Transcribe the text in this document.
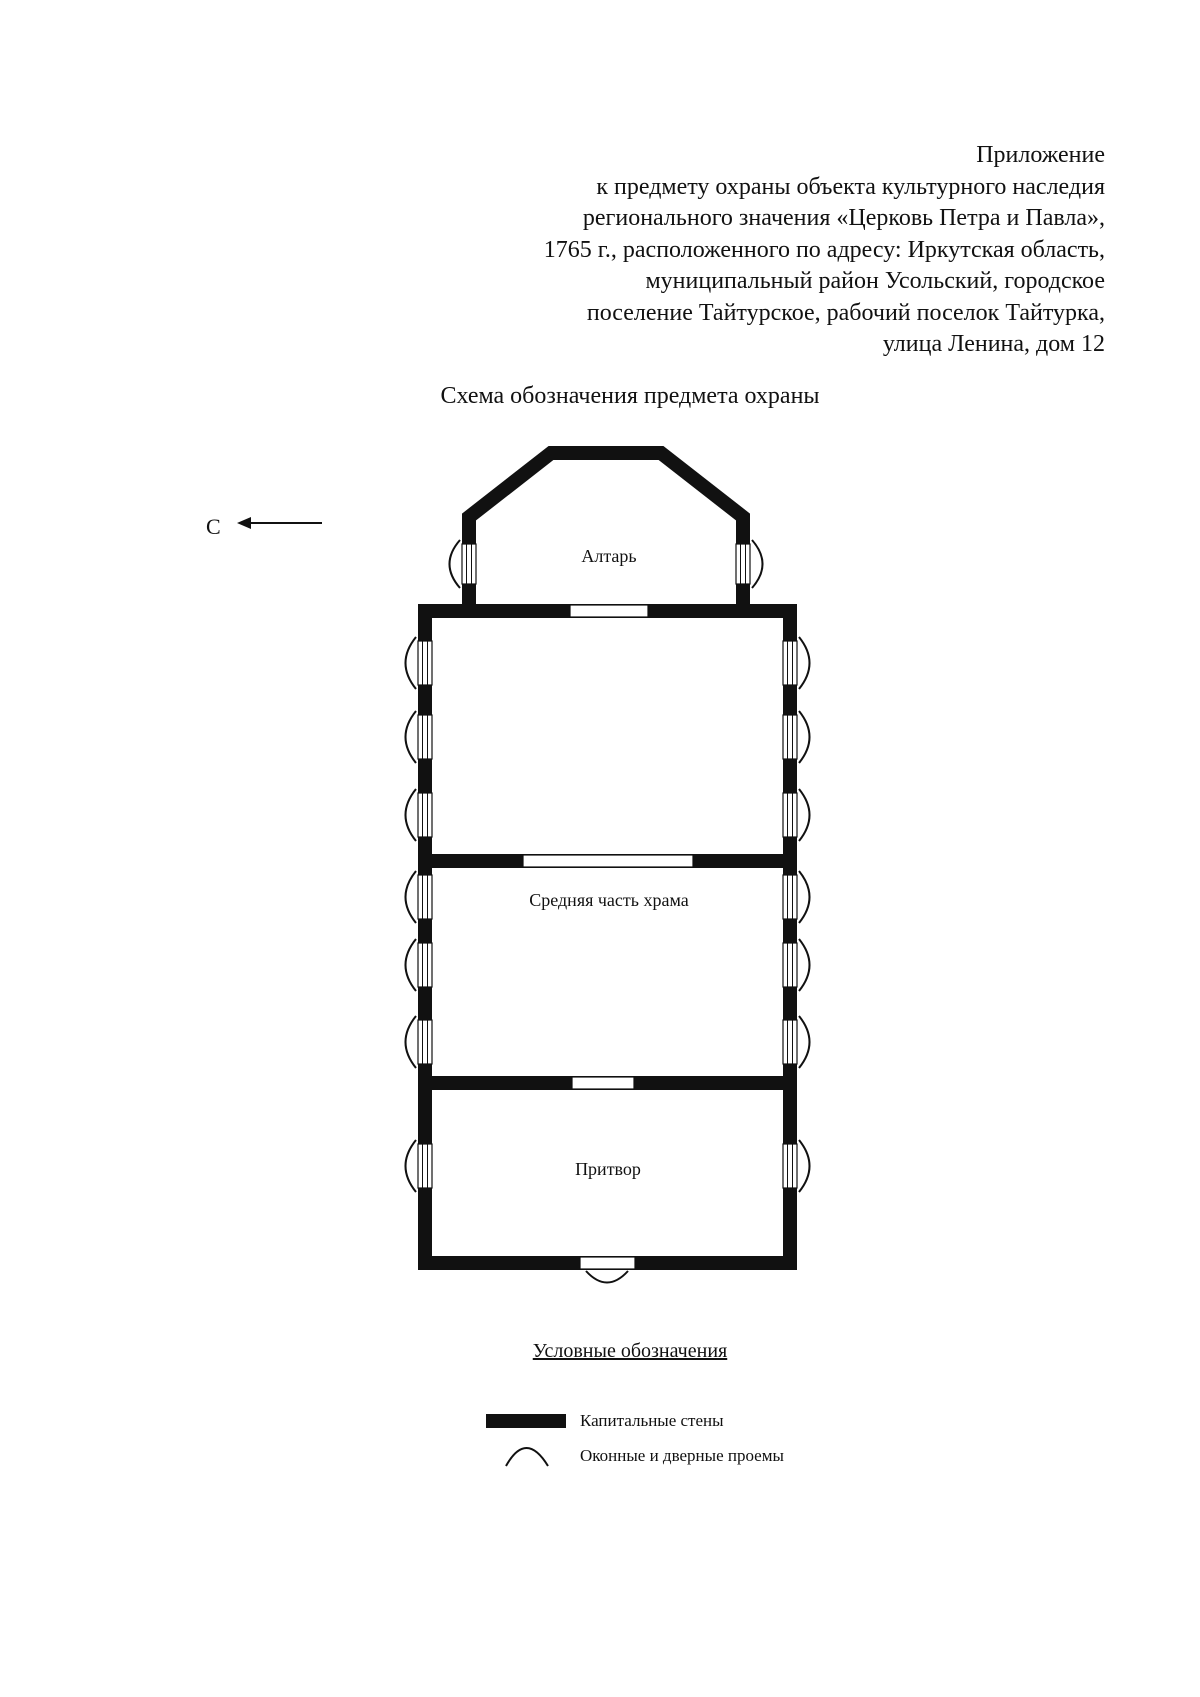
Приложение
к предмету охраны объекта культурного наследия
регионального значения «Церковь Петра и Павла»,
1765 г., расположенного по адресу: Иркутская область,
муниципальный район Усольский, городское
поселение Тайтурское, рабочий поселок Тайтурка,
улица Ленина, дом 12
Схема обозначения предмета охраны
С
Алтарь
Средняя часть храма
Притвор
Условные обозначения
Капитальные стены
Оконные и дверные проемы
